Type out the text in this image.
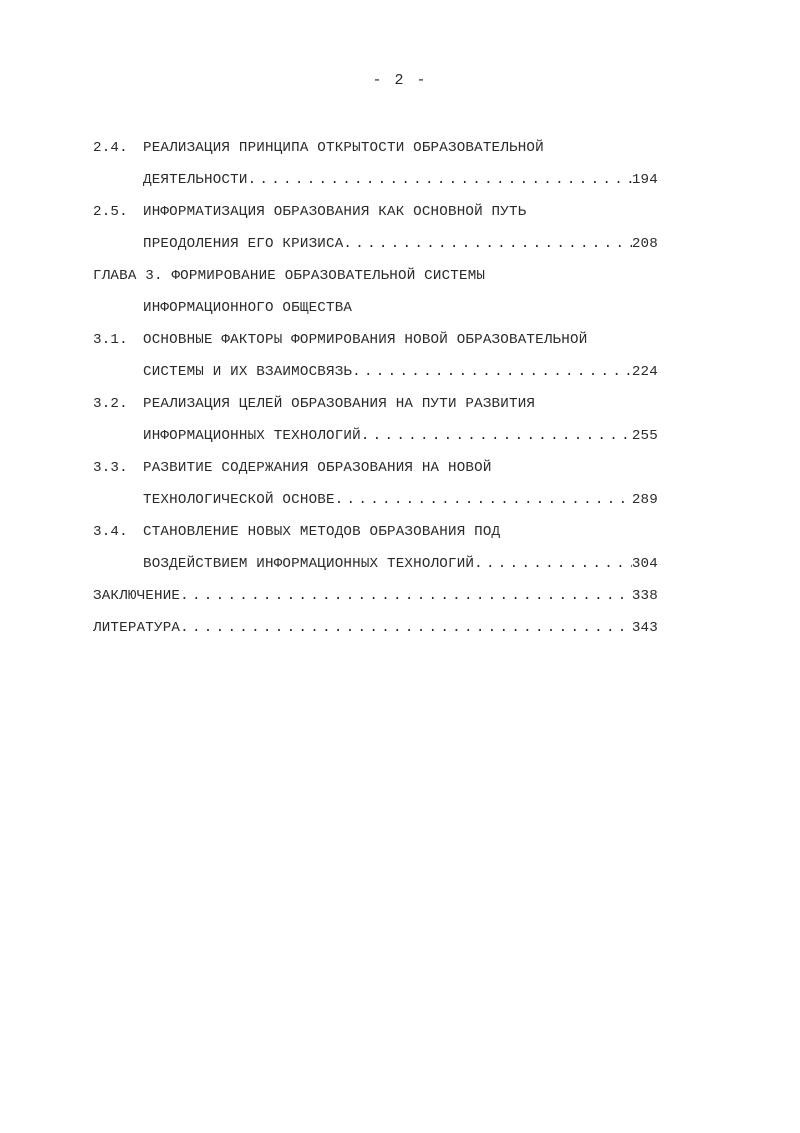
- 2 -
2.4.	РЕАЛИЗАЦИЯ ПРИНЦИПА ОТКРЫТОСТИ ОБРАЗОВАТЕЛЬНОЙ
ДЕЯТЕЛЬНОСТИ . . .	194
2.5.	ИНФОРМАТИЗАЦИЯ ОБРАЗОВАНИЯ КАК ОСНОВНОЙ ПУТЬ
ПРЕОДОЛЕНИЯ ЕГО КРИЗИСА . . .	208
ГЛАВА 3.
ФОРМИРОВАНИЕ ОБРАЗОВАТЕЛЬНОЙ СИСТЕМЫ
ИНФОРМАЦИОННОГО ОБЩЕСТВА
3.1.	ОСНОВНЫЕ ФАКТОРЫ ФОРМИРОВАНИЯ НОВОЙ ОБРАЗОВАТЕЛЬНОЙ
СИСТЕМЫ И ИХ ВЗАИМОСВЯЗЬ . . .	224
3.2.	РЕАЛИЗАЦИЯ ЦЕЛЕЙ ОБРАЗОВАНИЯ НА ПУТИ РАЗВИТИЯ
ИНФОРМАЦИОННЫХ ТЕХНОЛОГИЙ . . .	255
3.3.	РАЗВИТИЕ СОДЕРЖАНИЯ ОБРАЗОВАНИЯ НА НОВОЙ
ТЕХНОЛОГИЧЕСКОЙ ОСНОВЕ . . .	289
3.4.	СТАНОВЛЕНИЕ НОВЫХ МЕТОДОВ ОБРАЗОВАНИЯ ПОД
ВОЗДЕЙСТВИЕМ ИНФОРМАЦИОННЫХ ТЕХНОЛОГИЙ . . .	304
ЗАКЛЮЧЕНИЕ . . .	338
ЛИТЕРАТУРА . . .	343
